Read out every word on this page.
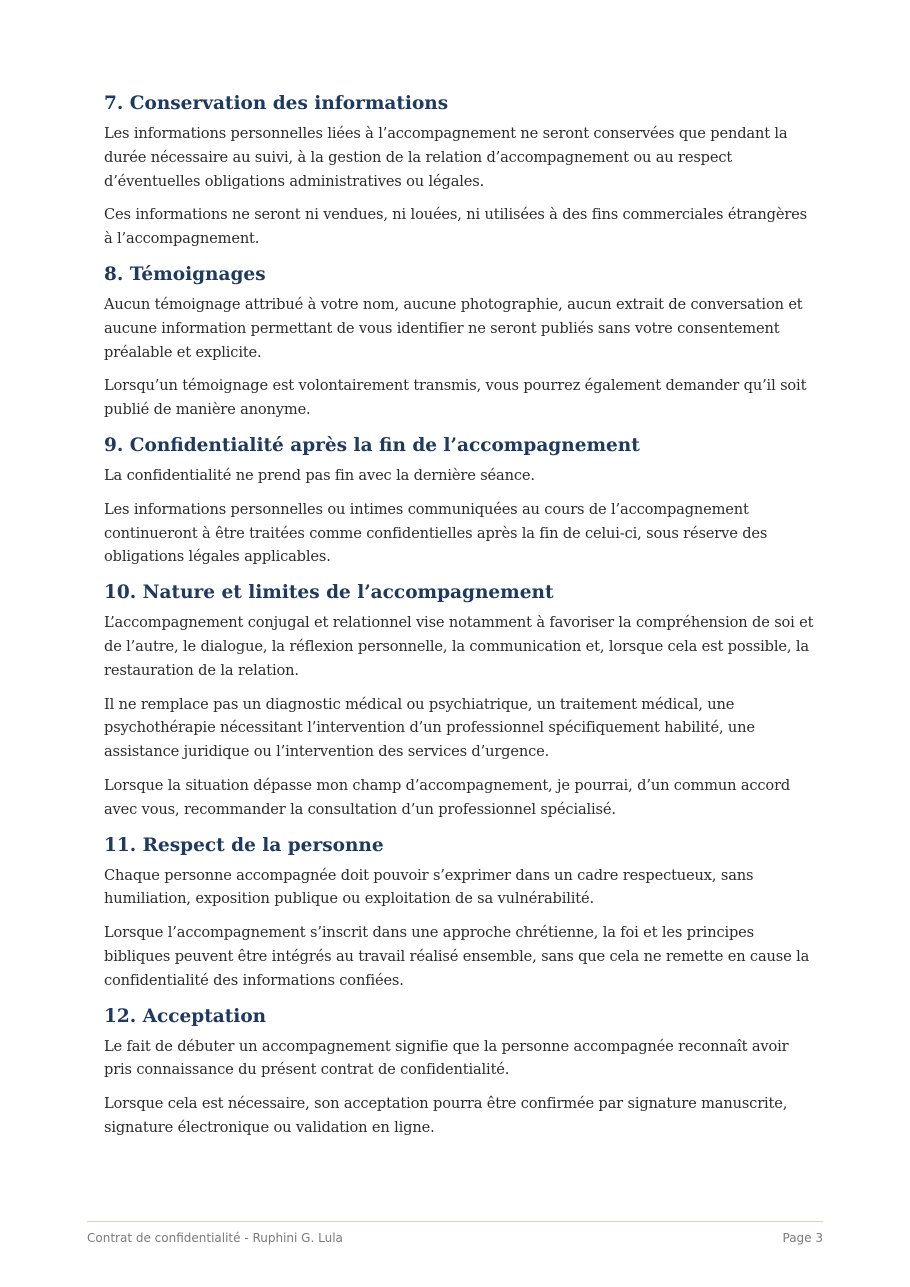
7. Conservation des informations

Les informations personnelles liées à l’accompagnement ne seront conservées que pendant la durée nécessaire au suivi, à la gestion de la relation d’accompagnement ou au respect d’éventuelles obligations administratives ou légales.

Ces informations ne seront ni vendues, ni louées, ni utilisées à des fins commerciales étrangères à l’accompagnement.

8. Témoignages

Aucun témoignage attribué à votre nom, aucune photographie, aucun extrait de conversation et aucune information permettant de vous identifier ne seront publiés sans votre consentement préalable et explicite.

Lorsqu’un témoignage est volontairement transmis, vous pourrez également demander qu’il soit publié de manière anonyme.

9. Confidentialité après la fin de l’accompagnement

La confidentialité ne prend pas fin avec la dernière séance.

Les informations personnelles ou intimes communiquées au cours de l’accompagnement continueront à être traitées comme confidentielles après la fin de celui-ci, sous réserve des obligations légales applicables.

10. Nature et limites de l’accompagnement

L’accompagnement conjugal et relationnel vise notamment à favoriser la compréhension de soi et de l’autre, le dialogue, la réflexion personnelle, la communication et, lorsque cela est possible, la restauration de la relation.

Il ne remplace pas un diagnostic médical ou psychiatrique, un traitement médical, une psychothérapie nécessitant l’intervention d’un professionnel spécifiquement habilité, une assistance juridique ou l’intervention des services d’urgence.

Lorsque la situation dépasse mon champ d’accompagnement, je pourrai, d’un commun accord avec vous, recommander la consultation d’un professionnel spécialisé.

11. Respect de la personne

Chaque personne accompagnée doit pouvoir s’exprimer dans un cadre respectueux, sans humiliation, exposition publique ou exploitation de sa vulnérabilité.

Lorsque l’accompagnement s’inscrit dans une approche chrétienne, la foi et les principes bibliques peuvent être intégrés au travail réalisé ensemble, sans que cela ne remette en cause la confidentialité des informations confiées.

12. Acceptation

Le fait de débuter un accompagnement signifie que la personne accompagnée reconnaît avoir pris connaissance du présent contrat de confidentialité.

Lorsque cela est nécessaire, son acceptation pourra être confirmée par signature manuscrite, signature électronique ou validation en ligne.

Contrat de confidentialité - Ruphini G. Lula	Page 3
